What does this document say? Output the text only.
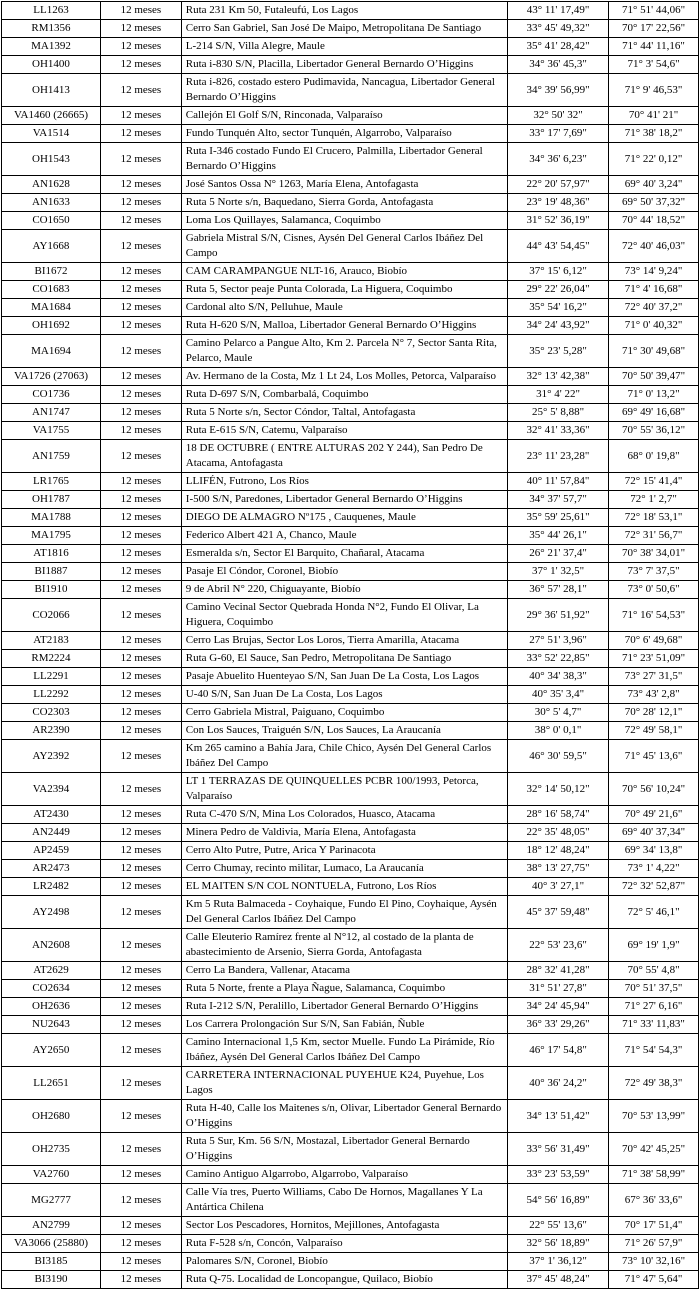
LL1263	12 meses	Ruta 231 Km 50, Futaleufú, Los Lagos	43° 11' 17,49"	71° 51' 44,06"
RM1356	12 meses	Cerro San Gabriel, San José De Maipo, Metropolitana De Santiago	33° 45' 49,32"	70° 17' 22,56"
MA1392	12 meses	L-214 S/N, Villa Alegre, Maule	35° 41' 28,42"	71° 44' 11,16"
OH1400	12 meses	Ruta i-830 S/N, Placilla, Libertador General Bernardo O’Higgins	34° 36' 45,3"	71° 3' 54,6"
OH1413	12 meses	Ruta i-826, costado estero Pudimavida, Nancagua, Libertador General Bernardo O’Higgins	34° 39' 56,99"	71° 9' 46,53"
VA1460 (26665)	12 meses	Callejón El Golf S/N, Rinconada, Valparaíso	32° 50' 32"	70° 41' 21"
VA1514	12 meses	Fundo Tunquén Alto, sector Tunquén, Algarrobo, Valparaíso	33° 17' 7,69"	71° 38' 18,2"
OH1543	12 meses	Ruta I-346 costado Fundo El Crucero, Palmilla, Libertador General Bernardo O’Higgins	34° 36' 6,23"	71° 22' 0,12"
AN1628	12 meses	José Santos Ossa N° 1263, María Elena, Antofagasta	22° 20' 57,97"	69° 40' 3,24"
AN1633	12 meses	Ruta 5 Norte s/n, Baquedano, Sierra Gorda, Antofagasta	23° 19' 48,36"	69° 50' 37,32"
CO1650	12 meses	Loma Los Quillayes, Salamanca, Coquimbo	31° 52' 36,19"	70° 44' 18,52"
AY1668	12 meses	Gabriela Mistral S/N, Cisnes, Aysén Del General Carlos Ibáñez Del Campo	44° 43' 54,45"	72° 40' 46,03"
BI1672	12 meses	CAM CARAMPANGUE NLT-16, Arauco, Biobío	37° 15' 6,12"	73° 14' 9,24"
CO1683	12 meses	Ruta 5, Sector peaje Punta Colorada, La Higuera, Coquimbo	29° 22' 26,04"	71° 4' 16,68"
MA1684	12 meses	Cardonal alto S/N, Pelluhue, Maule	35° 54' 16,2"	72° 40' 37,2"
OH1692	12 meses	Ruta H-620 S/N, Malloa, Libertador General Bernardo O’Higgins	34° 24' 43,92"	71° 0' 40,32"
MA1694	12 meses	Camino Pelarco a Pangue Alto, Km 2. Parcela N° 7, Sector Santa Rita, Pelarco, Maule	35° 23' 5,28"	71° 30' 49,68"
VA1726 (27063)	12 meses	Av. Hermano de la Costa, Mz 1 Lt 24, Los Molles, Petorca, Valparaíso	32° 13' 42,38"	70° 50' 39,47"
CO1736	12 meses	Ruta D-697 S/N, Combarbalá, Coquimbo	31° 4' 22"	71° 0' 13,2"
AN1747	12 meses	Ruta 5 Norte s/n, Sector Cóndor, Taltal, Antofagasta	25° 5' 8,88"	69° 49' 16,68"
VA1755	12 meses	Ruta E-615 S/N, Catemu, Valparaíso	32° 41' 33,36"	70° 55' 36,12"
AN1759	12 meses	18 DE OCTUBRE ( ENTRE ALTURAS 202 Y 244), San Pedro De Atacama, Antofagasta	23° 11' 23,28"	68° 0' 19,8"
LR1765	12 meses	LLIFÉN, Futrono, Los Ríos	40° 11' 57,84"	72° 15' 41,4"
OH1787	12 meses	I-500 S/N, Paredones, Libertador General Bernardo O’Higgins	34° 37' 57,7"	72° 1' 2,7"
MA1788	12 meses	DIEGO DE ALMAGRO Nº175 , Cauquenes, Maule	35° 59' 25,61"	72° 18' 53,1"
MA1795	12 meses	Federico Albert 421 A, Chanco, Maule	35° 44' 26,1"	72° 31' 56,7"
AT1816	12 meses	Esmeralda s/n, Sector El Barquito, Chañaral, Atacama	26° 21' 37,4"	70° 38' 34,01"
BI1887	12 meses	Pasaje El Cóndor, Coronel, Biobío	37° 1' 32,5"	73° 7' 37,5"
BI1910	12 meses	9 de Abril N° 220, Chiguayante, Biobío	36° 57' 28,1"	73° 0' 50,6"
CO2066	12 meses	Camino Vecinal Sector Quebrada Honda N°2, Fundo El Olivar, La Higuera, Coquimbo	29° 36' 51,92"	71° 16' 54,53"
AT2183	12 meses	Cerro Las Brujas, Sector Los Loros, Tierra Amarilla, Atacama	27° 51' 3,96"	70° 6' 49,68"
RM2224	12 meses	Ruta G-60, El Sauce, San Pedro, Metropolitana De Santiago	33° 52' 22,85"	71° 23' 51,09"
LL2291	12 meses	Pasaje Abuelito Huenteyao S/N, San Juan De La Costa, Los Lagos	40° 34' 38,3"	73° 27' 31,5"
LL2292	12 meses	U-40 S/N, San Juan De La Costa, Los Lagos	40° 35' 3,4"	73° 43' 2,8"
CO2303	12 meses	Cerro Gabriela Mistral, Paiguano, Coquimbo	30° 5' 4,7"	70° 28' 12,1"
AR2390	12 meses	Con Los Sauces, Traiguén S/N, Los Sauces, La Araucanía	38° 0' 0,1"	72° 49' 58,1"
AY2392	12 meses	Km 265 camino a Bahía Jara, Chile Chico, Aysén Del General Carlos Ibáñez Del Campo	46° 30' 59,5"	71° 45' 13,6"
VA2394	12 meses	LT 1 TERRAZAS DE QUINQUELLES PCBR 100/1993, Petorca, Valparaíso	32° 14' 50,12"	70° 56' 10,24"
AT2430	12 meses	Ruta C-470 S/N, Mina Los Colorados, Huasco, Atacama	28° 16' 58,74"	70° 49' 21,6"
AN2449	12 meses	Minera Pedro de Valdivia, María Elena, Antofagasta	22° 35' 48,05"	69° 40' 37,34"
AP2459	12 meses	Cerro Alto Putre, Putre, Arica Y Parinacota	18° 12' 48,24"	69° 34' 13,8"
AR2473	12 meses	Cerro Chumay, recinto militar, Lumaco, La Araucanía	38° 13' 27,75"	73° 1' 4,22"
LR2482	12 meses	EL MAITEN S/N COL NONTUELA, Futrono, Los Ríos	40° 3' 27,1"	72° 32' 52,87"
AY2498	12 meses	Km 5 Ruta Balmaceda - Coyhaique, Fundo El Pino, Coyhaique, Aysén Del General Carlos Ibáñez Del Campo	45° 37' 59,48"	72° 5' 46,1"
AN2608	12 meses	Calle Eleuterio Ramírez frente al N°12, al costado de la planta de abastecimiento de Arsenio, Sierra Gorda, Antofagasta	22° 53' 23,6"	69° 19' 1,9"
AT2629	12 meses	Cerro La Bandera, Vallenar, Atacama	28° 32' 41,28"	70° 55' 4,8"
CO2634	12 meses	Ruta 5 Norte, frente a Playa Ñague, Salamanca, Coquimbo	31° 51' 27,8"	70° 51' 37,5"
OH2636	12 meses	Ruta I-212 S/N, Peralillo, Libertador General Bernardo O’Higgins	34° 24' 45,94"	71° 27' 6,16"
NU2643	12 meses	Los Carrera Prolongación Sur S/N, San Fabián, Ñuble	36° 33' 29,26"	71° 33' 11,83"
AY2650	12 meses	Camino Internacional 1,5 Km, sector Muelle. Fundo La Pirámide, Río Ibáñez, Aysén Del General Carlos Ibáñez Del Campo	46° 17' 54,8"	71° 54' 54,3"
LL2651	12 meses	CARRETERA INTERNACIONAL PUYEHUE K24, Puyehue, Los Lagos	40° 36' 24,2"	72° 49' 38,3"
OH2680	12 meses	Ruta H-40, Calle los Maitenes s/n, Olivar, Libertador General Bernardo O’Higgins	34° 13' 51,42"	70° 53' 13,99"
OH2735	12 meses	Ruta 5 Sur, Km. 56 S/N, Mostazal, Libertador General Bernardo O’Higgins	33° 56' 31,49"	70° 42' 45,25"
VA2760	12 meses	Camino Antiguo Algarrobo, Algarrobo, Valparaíso	33° 23' 53,59"	71° 38' 58,99"
MG2777	12 meses	Calle Vía tres, Puerto Williams, Cabo De Hornos, Magallanes Y La Antártica Chilena	54° 56' 16,89"	67° 36' 33,6"
AN2799	12 meses	Sector Los Pescadores, Hornitos, Mejillones, Antofagasta	22° 55' 13,6"	70° 17' 51,4"
VA3066 (25880)	12 meses	Ruta F-528 s/n, Concón, Valparaíso	32° 56' 18,89"	71° 26' 57,9"
BI3185	12 meses	Palomares S/N, Coronel, Biobío	37° 1' 36,12"	73° 10' 32,16"
BI3190	12 meses	Ruta Q-75. Localidad de Loncopangue, Quilaco, Biobío	37° 45' 48,24"	71° 47' 5,64"
